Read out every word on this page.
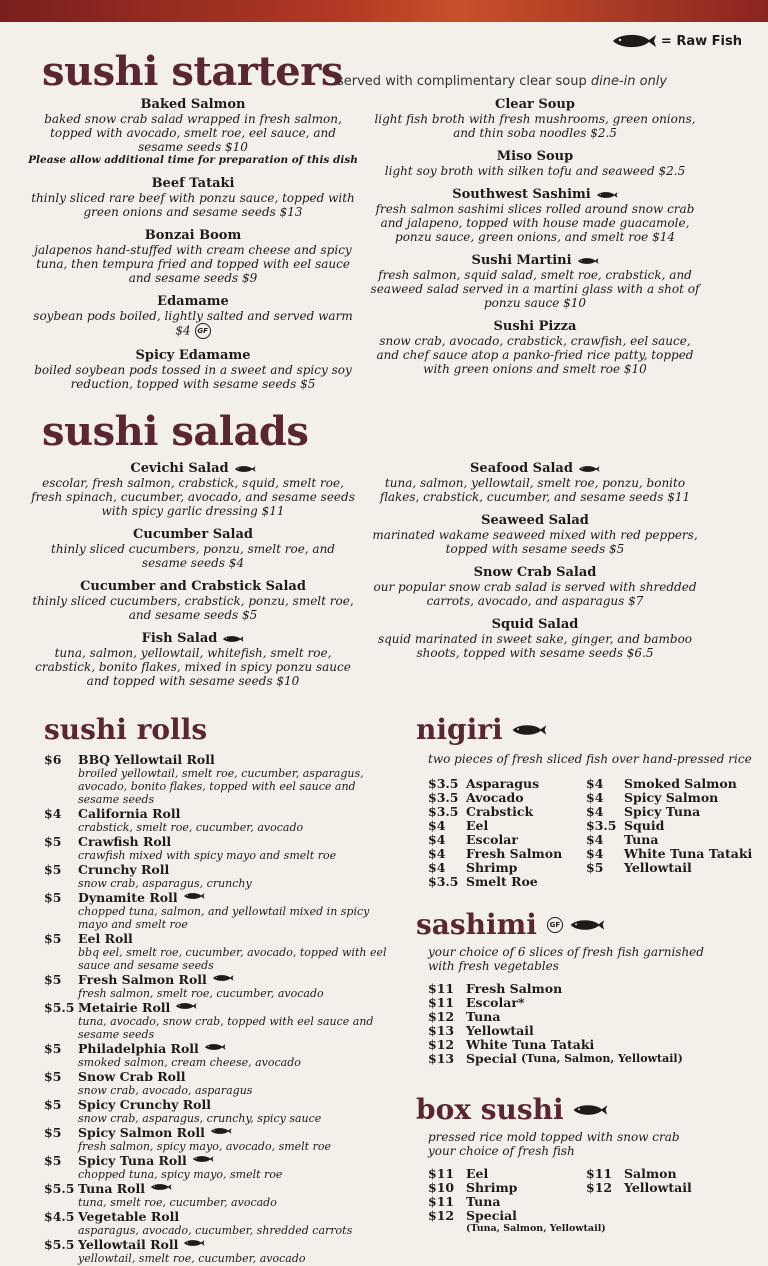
= Raw Fish
sushi starters
served with complimentary clear soup dine-in only
Baked Salmon
baked snow crab salad wrapped in fresh salmon, topped with avocado, smelt roe, eel sauce, and sesame seeds $10
Please allow additional time for preparation of this dish
Beef Tataki
thinly sliced rare beef with ponzu sauce, topped with green onions and sesame seeds $13
Bonzai Boom
jalapenos hand-stuffed with cream cheese and spicy tuna, then tempura fried and topped with eel sauce and sesame seeds $9
Edamame
soybean pods boiled, lightly salted and served warm $4 GF
Spicy Edamame
boiled soybean pods tossed in a sweet and spicy soy reduction, topped with sesame seeds $5
Clear Soup
light fish broth with fresh mushrooms, green onions, and thin soba noodles $2.5
Miso Soup
light soy broth with silken tofu and seaweed $2.5
Southwest Sashimi
fresh salmon sashimi slices rolled around snow crab and jalapeno, topped with house made guacamole, ponzu sauce, green onions, and smelt roe $14
Sushi Martini
fresh salmon, squid salad, smelt roe, crabstick, and seaweed salad served in a martini glass with a shot of ponzu sauce $10
Sushi Pizza
snow crab, avocado, crabstick, crawfish, eel sauce, and chef sauce atop a panko-fried rice patty, topped with green onions and smelt roe $10
sushi salads
Cevichi Salad
escolar, fresh salmon, crabstick, squid, smelt roe, fresh spinach, cucumber, avocado, and sesame seeds with spicy garlic dressing $11
Cucumber Salad
thinly sliced cucumbers, ponzu, smelt roe, and sesame seeds $4
Cucumber and Crabstick Salad
thinly sliced cucumbers, crabstick, ponzu, smelt roe, and sesame seeds $5
Fish Salad
tuna, salmon, yellowtail, whitefish, smelt roe, crabstick, bonito flakes, mixed in spicy ponzu sauce and topped with sesame seeds $10
Seafood Salad
tuna, salmon, yellowtail, smelt roe, ponzu, bonito flakes, crabstick, cucumber, and sesame seeds $11
Seaweed Salad
marinated wakame seaweed mixed with red peppers, topped with sesame seeds $5
Snow Crab Salad
our popular snow crab salad is served with shredded carrots, avocado, and asparagus $7
Squid Salad
squid marinated in sweet sake, ginger, and bamboo shoots, topped with sesame seeds $6.5
sushi rolls
$6	BBQ Yellowtail Roll
broiled yellowtail, smelt roe, cucumber, asparagus, avocado, bonito flakes, topped with eel sauce and sesame seeds
$4	California Roll
crabstick, smelt roe, cucumber, avocado
$5	Crawfish Roll
crawfish mixed with spicy mayo and smelt roe
$5	Crunchy Roll
snow crab, asparagus, crunchy
$5	Dynamite Roll
chopped tuna, salmon, and yellowtail mixed in spicy mayo and smelt roe
$5	Eel Roll
bbq eel, smelt roe, cucumber, avocado, topped with eel sauce and sesame seeds
$5	Fresh Salmon Roll
fresh salmon, smelt roe, cucumber, avocado
$5.5 Metairie Roll
tuna, avocado, snow crab, topped with eel sauce and sesame seeds
$5	Philadelphia Roll
smoked salmon, cream cheese, avocado
$5	Snow Crab Roll
snow crab, avocado, asparagus
$5	Spicy Crunchy Roll
snow crab, asparagus, crunchy, spicy sauce
$5	Spicy Salmon Roll
fresh salmon, spicy mayo, avocado, smelt roe
$5	Spicy Tuna Roll
chopped tuna, spicy mayo, smelt roe
$5.5 Tuna Roll
tuna, smelt roe, cucumber, avocado
$4.5 Vegetable Roll
asparagus, avocado, cucumber, shredded carrots
$5.5 Yellowtail Roll
yellowtail, smelt roe, cucumber, avocado
nigiri
two pieces of fresh sliced fish over hand-pressed rice
$3.5 Asparagus
$3.5 Avocado
$3.5 Crabstick
$4	Eel
$4	Escolar
$4	Fresh Salmon
$4	Shrimp
$3.5 Smelt Roe
$4	Smoked Salmon
$4	Spicy Salmon
$4	Spicy Tuna
$3.5 Squid
$4	Tuna
$4	White Tuna Tataki
$5	Yellowtail
sashimi	GF
your choice of 6 slices of fresh fish garnished with fresh vegetables
$11 Fresh Salmon
$11 Escolar*
$12 Tuna
$13 Yellowtail
$12 White Tuna Tataki
$13 Special (Tuna, Salmon, Yellowtail)
box sushi
pressed rice mold topped with snow crab your choice of fresh fish
$11 Eel
$10 Shrimp
$11 Tuna
$12 Special
(Tuna, Salmon, Yellowtail)
$11 Salmon
$12 Yellowtail
